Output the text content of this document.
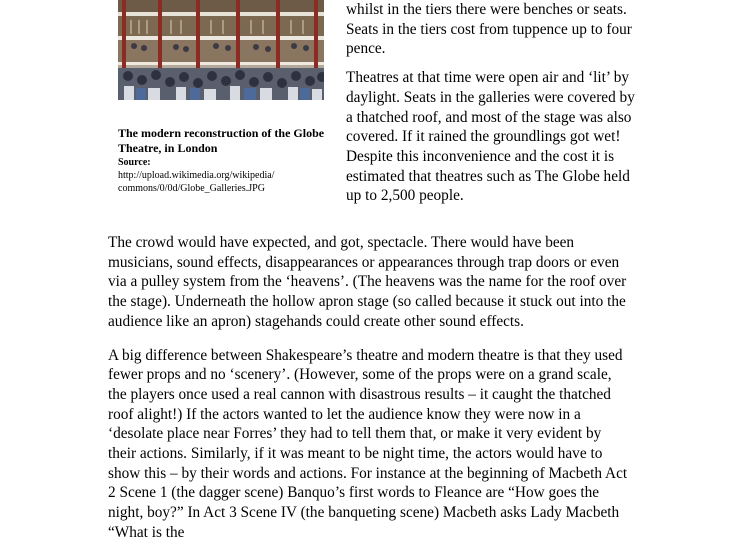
The modern reconstruction of the Globe Theatre, in London
Source:
http://upload.wikimedia.org/wikipedia/
commons/0/0d/Globe_Galleries.JPG

whilst in the tiers there were benches or seats. Seats in the tiers cost from tuppence up to four pence.

Theatres at that time were open air and ‘lit’ by daylight. Seats in the galleries were covered by a thatched roof, and most of the stage was also covered. If it rained the groundlings got wet! Despite this inconvenience and the cost it is estimated that theatres such as The Globe held up to 2,500 people.

The crowd would have expected, and got, spectacle. There would have been musicians, sound effects, disappearances or appearances through trap doors or even via a pulley system from the ‘heavens’. (The heavens was the name for the roof over the stage). Underneath the hollow apron stage (so called because it stuck out into the audience like an apron) stagehands could create other sound effects.

A big difference between Shakespeare’s theatre and modern theatre is that they used fewer props and no ‘scenery’. (However, some of the props were on a grand scale, the players once used a real cannon with disastrous results – it caught the thatched roof alight!) If the actors wanted to let the audience know they were now in a ‘desolate place near Forres’ they had to tell them that, or make it very evident by their actions. Similarly, if it was meant to be night time, the actors would have to show this – by their words and actions. For instance at the beginning of Macbeth Act 2 Scene 1 (the dagger scene) Banquo’s first words to Fleance are “How goes the night, boy?” In Act 3 Scene IV (the banqueting scene) Macbeth asks Lady Macbeth “What is the
